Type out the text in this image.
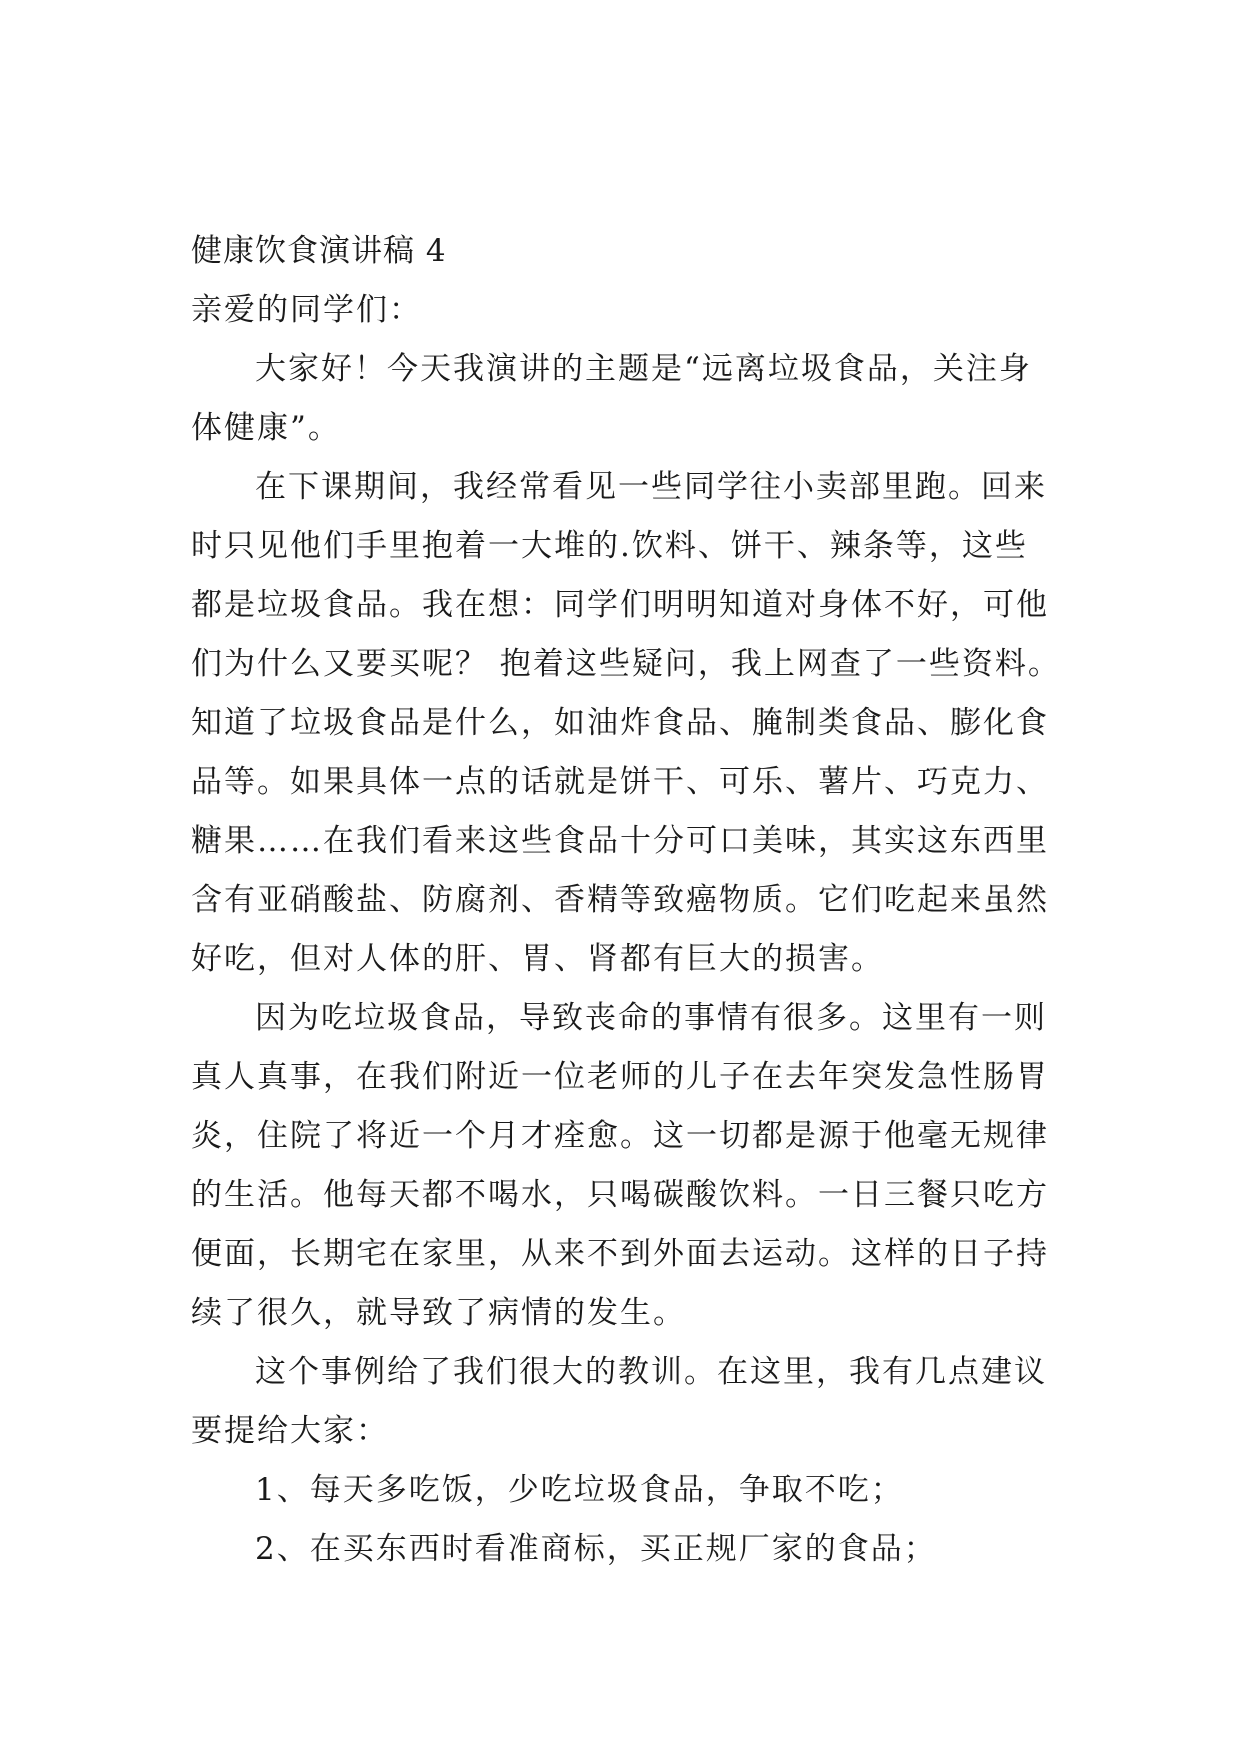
健康饮食演讲稿 4
亲爱的同学们：
大家好！今天我演讲的主题是“远离垃圾食品，关注身
体健康”。
在下课期间，我经常看见一些同学往小卖部里跑。回来
时只见他们手里抱着一大堆的.饮料、饼干、辣条等，这些
都是垃圾食品。我在想：同学们明明知道对身体不好，可他
们为什么又要买呢？ 抱着这些疑问，我上网查了一些资料。
知道了垃圾食品是什么，如油炸食品、腌制类食品、膨化食
品等。如果具体一点的话就是饼干、可乐、薯片、巧克力、
糖果……在我们看来这些食品十分可口美味，其实这东西里
含有亚硝酸盐、防腐剂、香精等致癌物质。它们吃起来虽然
好吃，但对人体的肝、胃、肾都有巨大的损害。
因为吃垃圾食品，导致丧命的事情有很多。这里有一则
真人真事，在我们附近一位老师的儿子在去年突发急性肠胃
炎，住院了将近一个月才痊愈。这一切都是源于他毫无规律
的生活。他每天都不喝水，只喝碳酸饮料。一日三餐只吃方
便面，长期宅在家里，从来不到外面去运动。这样的日子持
续了很久，就导致了病情的发生。
这个事例给了我们很大的教训。在这里，我有几点建议
要提给大家：
1、每天多吃饭，少吃垃圾食品，争取不吃；
2、在买东西时看准商标，买正规厂家的食品；
